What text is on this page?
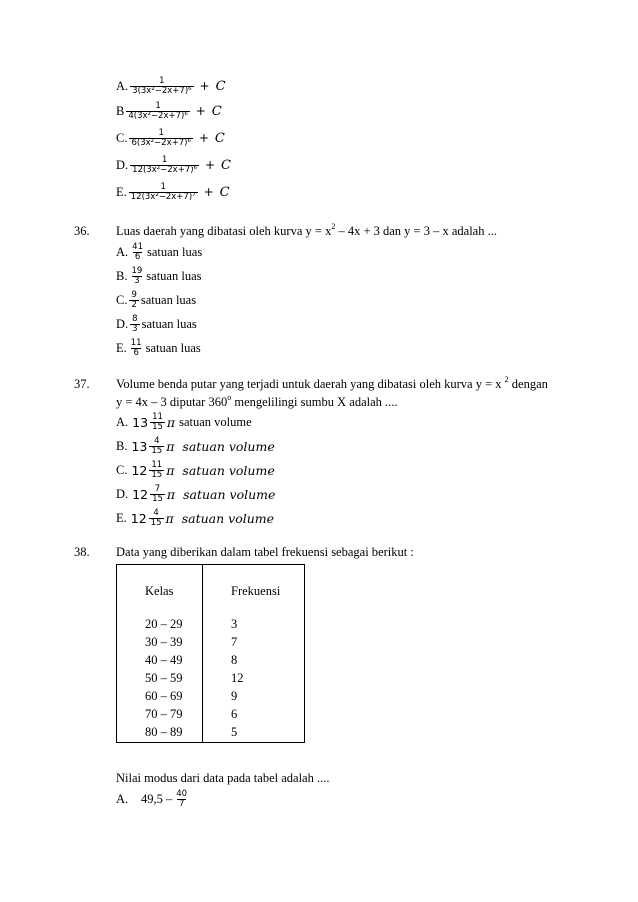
A. $\frac{1}{\text{3(3x²−2x+7)⁶}} + C$
B $\frac{1}{\text{4(3x²−2x+7)⁶}} + C$
C. $\frac{1}{\text{6(3x²−2x+7)⁶}} + C$
D. $\frac{1}{\text{12(3x²−2x+7)⁶}} + C$
E. $\frac{1}{\text{12(3x²−2x+7)⁷}} + C$
36. Luas daerah yang dibatasi oleh kurva $y = x^2 - 4x + 3$ dan y = 3 – x adalah ...
A. $\frac{41}{6}$ satuan luas
B. $\frac{19}{3}$ satuan luas
C. $\frac{9}{2}$ satuan luas
D. $\frac{8}{3}$ satuan luas
E. $\frac{11}{6}$ satuan luas
37. Volume benda putar yang terjadi untuk daerah yang dibatasi oleh kurva y = x $^2$ dengan
y = 4x – 3 diputar 360$^o$ mengelilingi sumbu X adalah ....
A. $13 \frac{11}{15}$ π satuan volume
B. $13 \frac{4}{15}$ π satuan volume
C. $12 \frac{11}{15}$ π satuan volume
D. $12 \frac{7}{15}$ π satuan volume
E. $12 \frac{4}{15}$ π satuan volume
38. Data yang diberikan dalam tabel frekuensi sebagai berikut :
Kelas	Frekuensi
20 – 29	3
30 – 39	7
40 – 49	8
50 – 59	12
60 – 69	9
70 – 79	6
80 – 89	5
Nilai modus dari data pada tabel adalah ....
A.	$49,5 - \frac{40}{7}$
